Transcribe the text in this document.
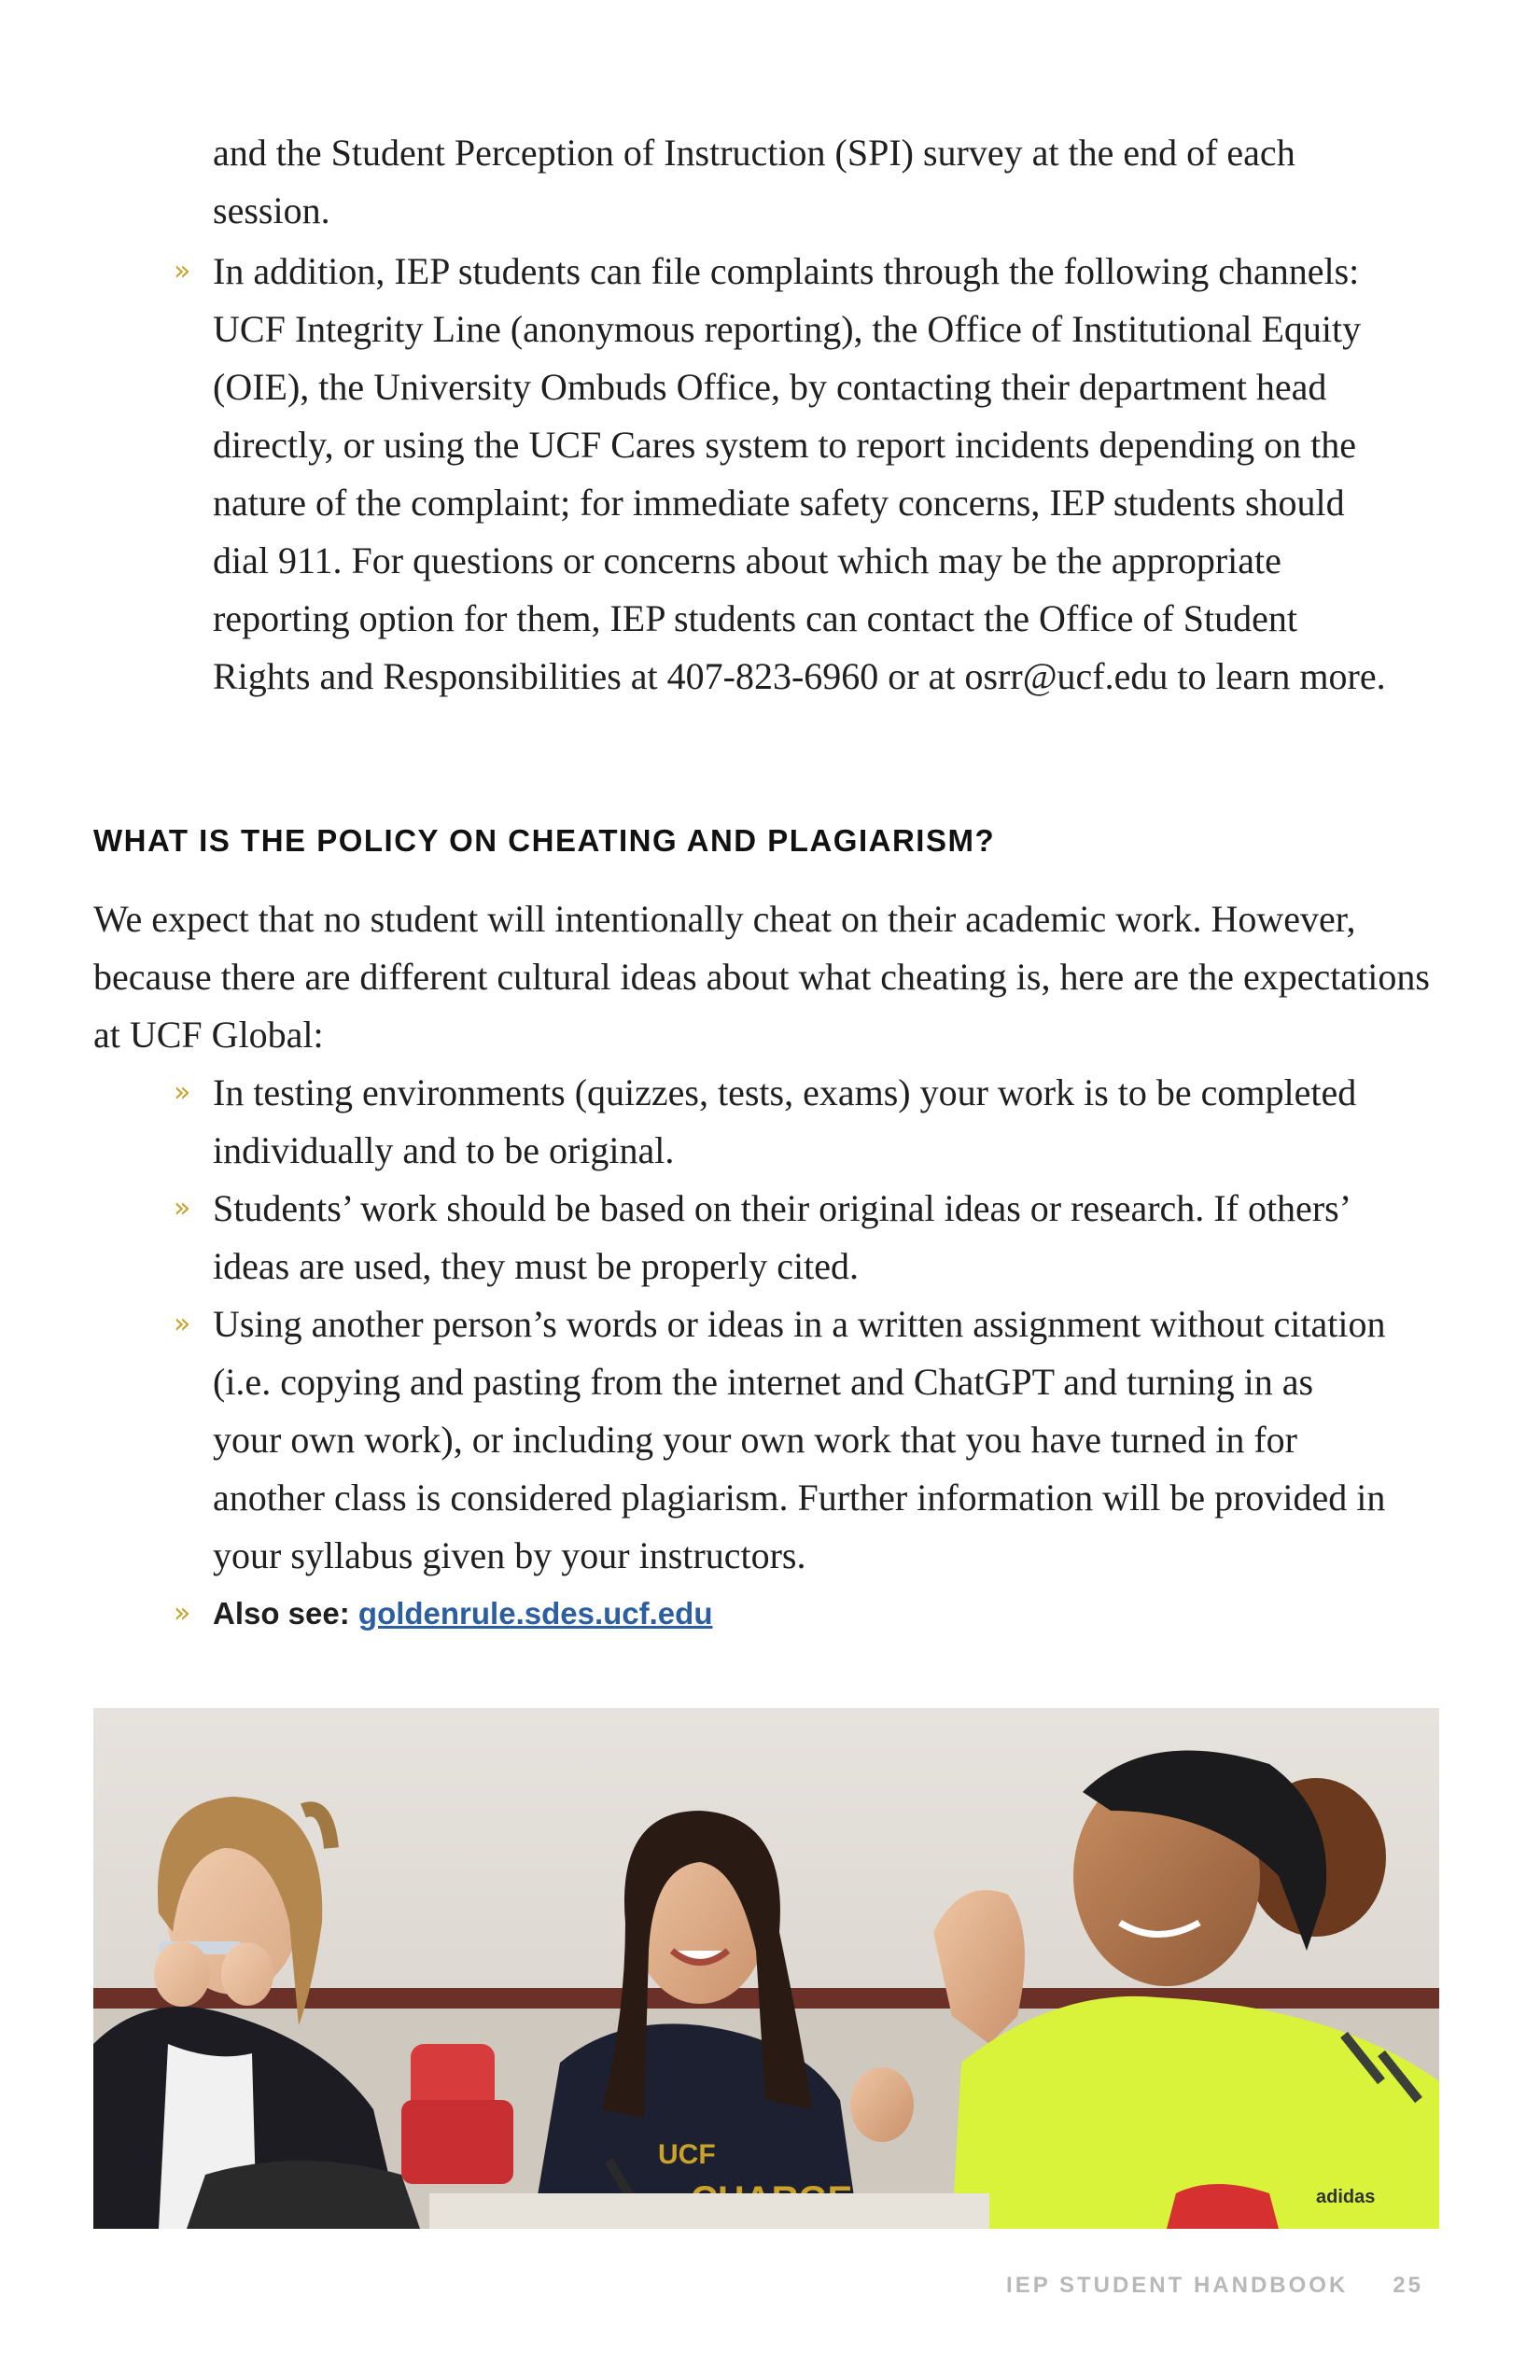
and the Student Perception of Instruction (SPI) survey at the end of each session.

» In addition, IEP students can file complaints through the following channels: UCF Integrity Line (anonymous reporting), the Office of Institutional Equity (OIE), the University Ombuds Office, by contacting their department head directly, or using the UCF Cares system to report incidents depending on the nature of the complaint; for immediate safety concerns, IEP students should dial 911. For questions or concerns about which may be the appropriate reporting option for them, IEP students can contact the Office of Student Rights and Responsibilities at 407-823-6960 or at osrr@ucf.edu to learn more.

WHAT IS THE POLICY ON CHEATING AND PLAGIARISM?

We expect that no student will intentionally cheat on their academic work. However, because there are different cultural ideas about what cheating is, here are the expectations at UCF Global:

» In testing environments (quizzes, tests, exams) your work is to be completed individually and to be original.

» Students’ work should be based on their original ideas or research. If others’ ideas are used, they must be properly cited.

» Using another person’s words or ideas in a written assignment without citation (i.e. copying and pasting from the internet and ChatGPT and turning in as your own work), or including your own work that you have turned in for another class is considered plagiarism. Further information will be provided in your syllabus given by your instructors.

» Also see: goldenrule.sdes.ucf.edu
UCF
adidas
IEP STUDENT HANDBOOK 25
